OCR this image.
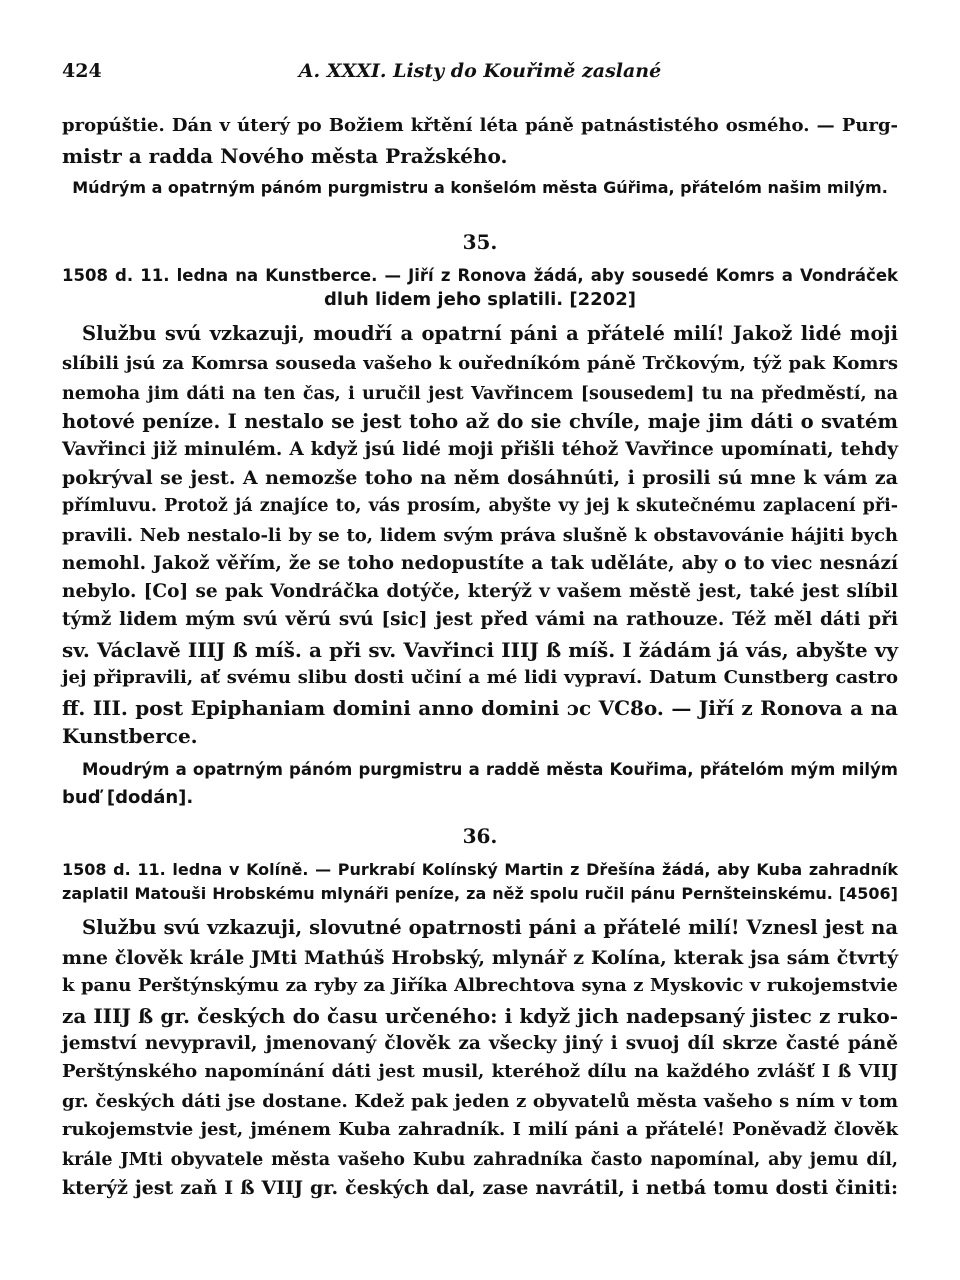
424	A. XXXI. Listy do Kouřimě zaslané
propúštie. Dán v úterý po Božiem křtění léta páně patnástistého osmého. — Purg-
mistr a radda Nového města Pražského.
Múdrým a opatrným pánóm purgmistru a konšelóm města Gúřima, přátelóm našim milým.
35.
1508 d. 11. ledna na Kunstberce. — Jiří z Ronova žádá, aby sousedé Komrs a Vondráček
dluh lidem jeho splatili. [2202]
Službu svú vzkazuji, moudří a opatrní páni a přátelé milí! Jakož lidé moji
slíbili jsú za Komrsa souseda vašeho k ouředníkóm páně Trčkovým, týž pak Komrs
nemoha jim dáti na ten čas, i uručil jest Vavřincem [sousedem] tu na předměstí, na
hotové peníze. I nestalo se jest toho až do sie chvíle, maje jim dáti o svatém
Vavřinci již minulém. A když jsú lidé moji přišli téhož Vavřince upomínati, tehdy
pokrýval se jest. A nemozše toho na něm dosáhnúti, i prosili sú mne k vám za
přímluvu. Protož já znajíce to, vás prosím, abyšte vy jej k skutečnému zaplacení při-
pravili. Neb nestalo-li by se to, lidem svým práva slušně k obstavovánie hájiti bych
nemohl. Jakož věřím, že se toho nedopustíte a tak uděláte, aby o to viec nesnází
nebylo. [Co] se pak Vondráčka dotýče, kterýž v vašem městě jest, také jest slíbil
týmž lidem mým svú věrú svú [sic] jest před vámi na rathouze. Též měl dáti při
sv. Václavě IIIJ ß míš. a při sv. Vavřinci IIIJ ß míš. I žádám já vás, abyšte vy
jej připravili, ať svému slibu dosti učiní a mé lidi vypraví. Datum Cunstberg castro
ff. III. post Epiphaniam domini anno domini ɔc VC8o. — Jiří z Ronova a na
Kunstberce.
Moudrým a opatrným pánóm purgmistru a raddě města Kouřima, přátelóm mým milým
buď [dodán].
36.
1508 d. 11. ledna v Kolíně. — Purkrabí Kolínský Martin z Dřešína žádá, aby Kuba zahradník
zaplatil Matouši Hrobskému mlynáři peníze, za něž spolu ručil pánu Pernšteinskému. [4506]
Službu svú vzkazuji, slovutné opatrnosti páni a přátelé milí! Vznesl jest na
mne člověk krále JMti Mathúš Hrobský, mlynář z Kolína, kterak jsa sám čtvrtý
k panu Perštýnskýmu za ryby za Jiříka Albrechtova syna z Myskovic v rukojemstvie
za IIIJ ß gr. českých do času určeného: i když jich nadepsaný jistec z ruko-
jemství nevypravil, jmenovaný člověk za všecky jiný i svuoj díl skrze časté páně
Perštýnského napomínání dáti jest musil, kteréhož dílu na každého zvlášť I ß VIIJ
gr. českých dáti jse dostane. Kdež pak jeden z obyvatelů města vašeho s ním v tom
rukojemstvie jest, jménem Kuba zahradník. I milí páni a přátelé! Poněvadž člověk
krále JMti obyvatele města vašeho Kubu zahradníka často napomínal, aby jemu díl,
kterýž jest zaň I ß VIIJ gr. českých dal, zase navrátil, i netbá tomu dosti činiti:
